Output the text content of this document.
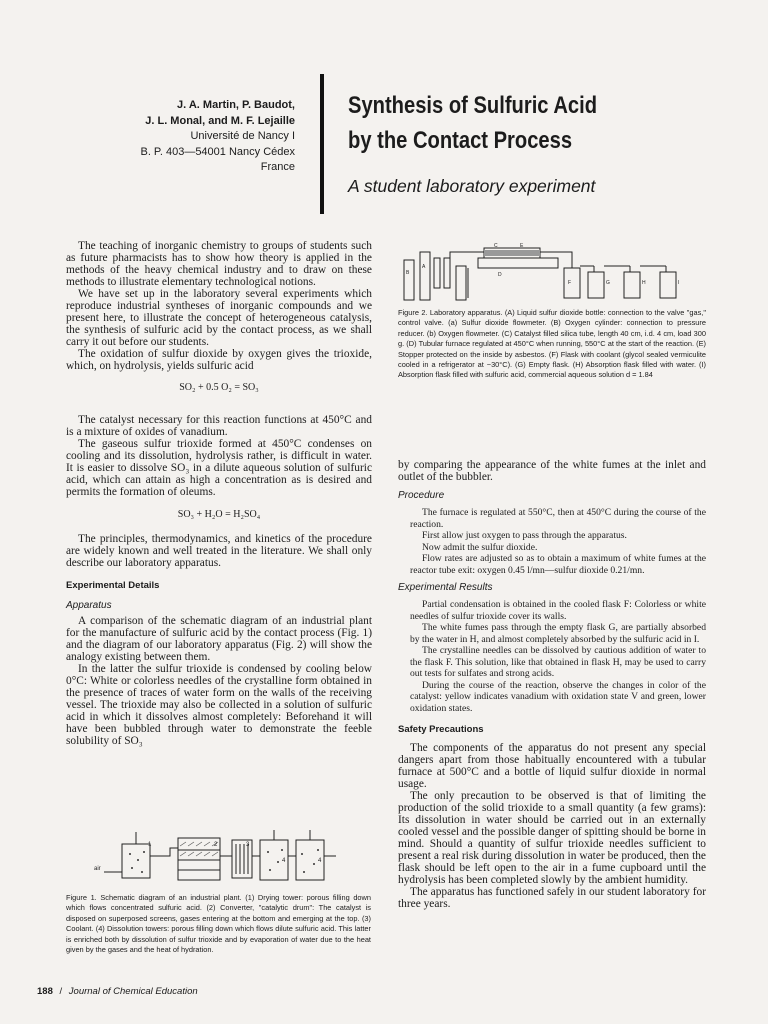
J. A. Martin, P. Baudot,
J. L. Monal, and M. F. Lejaille
Université de Nancy I
B. P. 403—54001 Nancy Cédex
France
Synthesis of Sulfuric Acid
by the Contact Process
A student laboratory experiment

The teaching of inorganic chemistry to groups of students such as future pharmacists has to show how theory is applied in the methods of the heavy chemical industry and to draw on these methods to illustrate elementary technological notions.

We have set up in the laboratory several experiments which reproduce industrial syntheses of inorganic compounds and we present here, to illustrate the concept of heterogeneous catalysis, the synthesis of sulfuric acid by the contact process, as we shall carry it out before our students.

The oxidation of sulfur dioxide by oxygen gives the trioxide, which, on hydrolysis, yields sulfuric acid

SO₂ + 0.5 O₂ = SO₃

The catalyst necessary for this reaction functions at 450°C and is a mixture of oxides of vanadium.

The gaseous sulfur trioxide formed at 450°C condenses on cooling and its dissolution, hydrolysis rather, is difficult in water. It is easier to dissolve SO₃ in a dilute aqueous solution of sulfuric acid, which can attain as high a concentration as is desired and permits the formation of oleums.

SO₃ + H₂O = H₂SO₄

The principles, thermodynamics, and kinetics of the procedure are widely known and well treated in the literature. We shall only describe our laboratory apparatus.

Experimental Details
Apparatus

A comparison of the schematic diagram of an industrial plant for the manufacture of sulfuric acid by the contact process (Fig. 1) and the diagram of our laboratory apparatus (Fig. 2) will show the analogy existing between them.

In the latter the sulfur trioxide is condensed by cooling below 0°C: White or colorless needles of the crystalline form obtained in the presence of traces of water form on the walls of the receiving vessel. The trioxide may also be collected in a solution of sulfuric acid in which it dissolves almost completely: Beforehand it will have been bubbled through water to demonstrate the feeble solubility of SO₃

air
1	2	3
4	4
Figure 1. Schematic diagram of an industrial plant. (1) Drying tower: porous filling down which flows concentrated sulfuric acid. (2) Converter, "catalytic drum": The catalyst is disposed on superposed screens, gases entering at the bottom and emerging at the top. (3) Coolant. (4) Dissolution towers: porous filling down which flows dilute sulfuric acid. This latter is enriched both by dissolution of sulfur trioxide and by evaporation of water due to the heat given by the gases and the heat of hydration.
B
A
C	E
D
F	G	H	I
Figure 2. Laboratory apparatus. (A) Liquid sulfur dioxide bottle: connection to the valve "gas," control valve. (a) Sulfur dioxide flowmeter. (B) Oxygen cylinder: connection to pressure reducer. (b) Oxygen flowmeter. (C) Catalyst filled silica tube, length 40 cm, i.d. 4 cm, load 300 g. (D) Tubular furnace regulated at 450°C when running, 550°C at the start of the reaction. (E) Stopper protected on the inside by asbestos. (F) Flask with coolant (glycol sealed vermiculite cooled in a refrigerator at −30°C). (G) Empty flask. (H) Absorption flask filled with water. (I) Absorption flask filled with sulfuric acid, commercial aqueous solution d = 1.84

by comparing the appearance of the white fumes at the inlet and outlet of the bubbler.

Procedure

The furnace is regulated at 550°C, then at 450°C during the course of the reaction.

First allow just oxygen to pass through the apparatus.

Now admit the sulfur dioxide.

Flow rates are adjusted so as to obtain a maximum of white fumes at the reactor tube exit: oxygen 0.45 l/mn—sulfur dioxide 0.21/mn.

Experimental Results

Partial condensation is obtained in the cooled flask F: Colorless or white needles of sulfur trioxide cover its walls.

The white fumes pass through the empty flask G, are partially absorbed by the water in H, and almost completely absorbed by the sulfuric acid in I.

The crystalline needles can be dissolved by cautious addition of water to the flask F. This solution, like that obtained in flask H, may be used to carry out tests for sulfates and strong acids.

During the course of the reaction, observe the changes in color of the catalyst: yellow indicates vanadium with oxidation state V and green, lower oxidation states.

Safety Precautions

The components of the apparatus do not present any special dangers apart from those habitually encountered with a tubular furnace at 500°C and a bottle of liquid sulfur dioxide in normal usage.

The only precaution to be observed is that of limiting the production of the solid trioxide to a small quantity (a few grams): Its dissolution in water should be carried out in an externally cooled vessel and the possible danger of spitting should be borne in mind. Should a quantity of sulfur trioxide needles sufficient to present a real risk during dissolution in water be produced, then the flask should be left open to the air in a fume cupboard until the hydrolysis has been completed slowly by the ambient humidity.

The apparatus has functioned safely in our student laboratory for three years.

188 / Journal of Chemical Education
